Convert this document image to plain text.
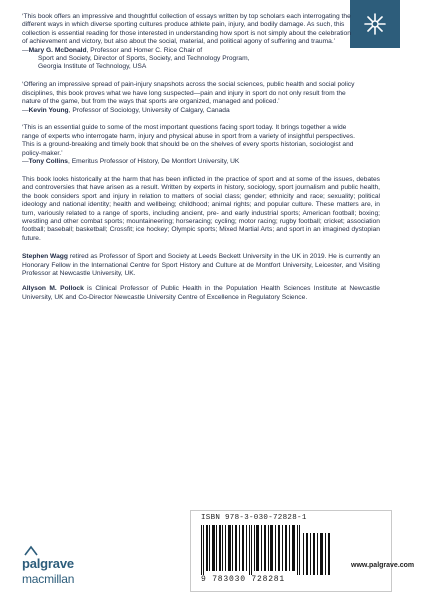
‘This book offers an impressive and thoughtful collection of essays written by top scholars each interrogating the different ways in which diverse sporting cultures produce athlete pain, injury, and bodily damage. As such, this collection is essential reading for those interested in understanding how sport is not simply about the celebration of achievement and victory, but also about the social, material, and political agony of suffering and trauma.’

—Mary G. McDonald, Professor and Homer C. Rice Chair of
Sport and Society, Director of Sports, Society, and Technology Program,
Georgia Institute of Technology, USA

‘Offering an impressive spread of pain-injury snapshots across the social sciences, public health and social policy disciplines, this book proves what we have long suspected—pain and injury in sport do not only result from the nature of the game, but from the ways that sports are organized, managed and policed.’

—Kevin Young, Professor of Sociology, University of Calgary, Canada

‘This is an essential guide to some of the most important questions facing sport today. It brings together a wide range of experts who interrogate harm, injury and physical abuse in sport from a variety of insightful perspectives. This is a ground-breaking and timely book that should be on the shelves of every sports historian, sociologist and policy-maker.’

—Tony Collins, Emeritus Professor of History, De Montfort University, UK

This book looks historically at the harm that has been inflicted in the practice of sport and at some of the issues, debates and controversies that have arisen as a result. Written by experts in history, sociology, sport journalism and public health, the book considers sport and injury in relation to matters of social class; gender; ethnicity and race; sexuality; political ideology and national identity; health and wellbeing; childhood; animal rights; and popular culture. These matters are, in turn, variously related to a range of sports, including ancient, pre- and early industrial sports; American football; boxing; wrestling and other combat sports; mountaineering; horseracing; cycling; motor racing; rugby football; cricket; association football; baseball; basketball; Crossfit; ice hockey; Olympic sports; Mixed Martial Arts; and sport in an imagined dystopian future.

Stephen Wagg retired as Professor of Sport and Society at Leeds Beckett University in the UK in 2019. He is currently an Honorary Fellow in the International Centre for Sport History and Culture at de Montfort University, Leicester, and Visiting Professor at Newcastle University, UK.

Allyson M. Pollock is Clinical Professor of Public Health in the Population Health Sciences Institute at Newcastle University, UK and Co-Director Newcastle University Centre of Excellence in Regulatory Science.

ISBN 978-3-030-72828-1
9 783030 728281
www.palgrave.com
palgrave
macmillan
